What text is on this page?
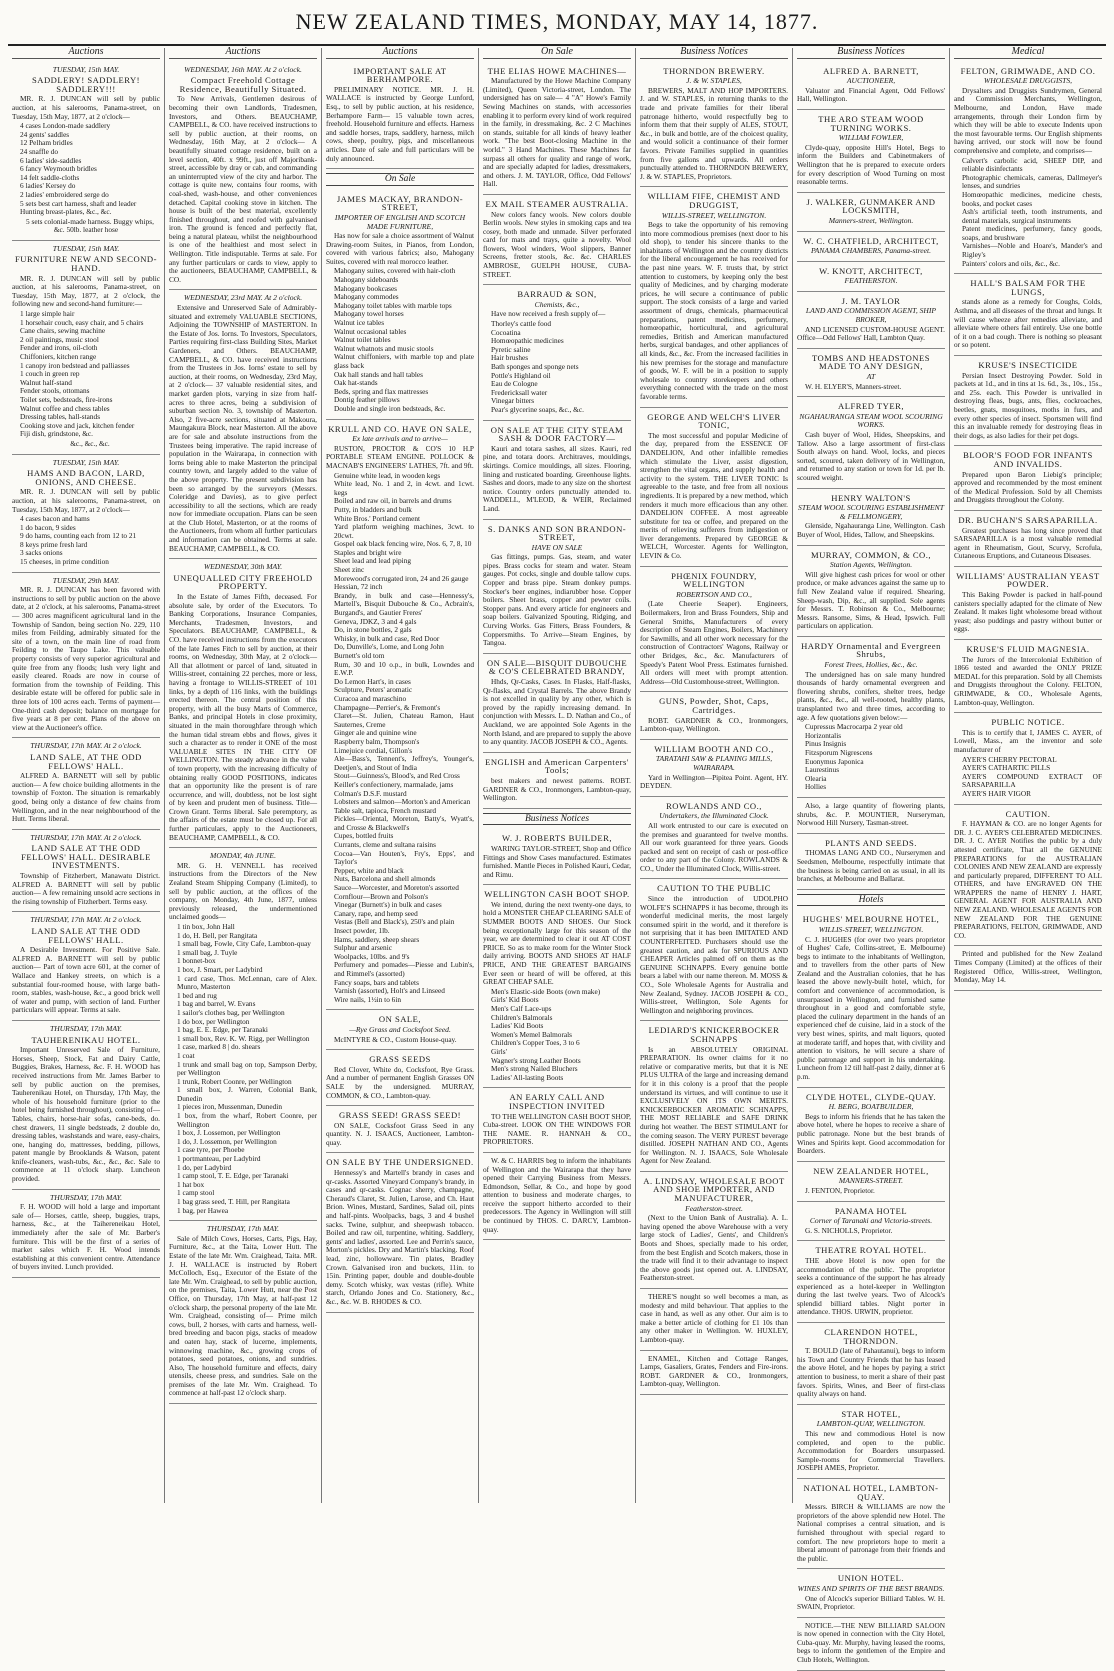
NEW ZEALAND TIMES, MONDAY, MAY 14, 1877.
Auctions
TUESDAY, 15th MAY.
SADDLERY! SADDLERY! SADDLERY!!!

MR. R. J. DUNCAN will sell by public auction, at his salerooms, Panama-street, on Tuesday, 15th May, 1877, at 2 o'clock—

4 cases London-made saddlery
24 gents' saddles
12 Pelham bridles
24 snaffle do
6 ladies' side-saddles
6 fancy Weymouth bridles
14 felt saddle-cloths
6 ladies' Kersey do
2 ladies' embroidered serge do
5 sets best cart harness, shaft and leader
Hunting breast-plates, &c., &c.

5 sets colonial-made harness. Buggy whips, &c. 50lb. leather hose

TUESDAY, 15th MAY.
FURNITURE NEW AND SECOND-HAND.

MR. R. J. DUNCAN will sell by public auction, at his salerooms, Panama-street, on Tuesday, 15th May, 1877, at 2 o'clock, the following new and second-hand furniture:—

1 large simple hair
1 horsehair couch, easy chair, and 5 chairs
Cane chairs, sewing machine
2 oil paintings, music stool
Fender and irons, oil-cloth
Chiffoniers, kitchen range
1 canopy iron bedstead and palliasses
1 couch in green rep
Walnut half-stand
Fender stools, ottomans
Toilet sets, bedsteads, fire-irons
Walnut coffee and chess tables
Dressing tables, hall-stands
Cooking stove and jack, kitchen fender
Fiji dish, grindstone, &c.

&c., &c., &c.

TUESDAY, 15th MAY.
HAMS AND BACON, LARD, ONIONS, AND CHEESE.

MR. R. J. DUNCAN will sell by public auction, at his salerooms, Panama-street, on Tuesday, 15th May, 1877, at 2 o'clock—

4 cases bacon and hams
1 do bacon, 9 sides
9 do hams, counting each from 12 to 21
8 keys prime fresh lard
3 sacks onions
15 cheeses, in prime condition
TUESDAY, 29th MAY.

MR. R. J. DUNCAN has been favored with instructions to sell by public auction on the above date, at 2 o'clock, at his salerooms, Panama-street— 300 acres magnificent agricultural land in the Township of Sandon, being section No. 229, 110 miles from Feilding, admirably situated for the site of a town, on the main line of road from Feilding to the Taupo Lake. This valuable property consists of very superior agricultural and quite free from any floods; lush very light and easily cleared. Roads are now in course of formation from the township of Feilding. This desirable estate will be offered for public sale in three lots of 100 acres each. Terms of payment—One-third cash deposit; balance on mortgage for five years at 8 per cent. Plans of the above on view at the Auctioneer's office.

THURSDAY, 17th MAY. At 2 o'clock.
LAND SALE, AT THE ODD FELLOWS' HALL.

ALFRED A. BARNETT will sell by public auction— A few choice building allotments in the township of Foxton. The situation is remarkably good, being only a distance of few chains from Wellington, and in the near neighbourhood of the Hutt. Terms liberal.

THURSDAY, 17th MAY. At 2 o'clock.
LAND SALE AT THE ODD FELLOWS' HALL. DESIRABLE INVESTMENTS.

Township of Fitzherbert, Manawatu District. ALFRED A. BARNETT will sell by public auction— A few remaining unsold acre sections in the rising township of Fitzherbert. Terms easy.

THURSDAY, 17th MAY. At 2 o'clock.
LAND SALE AT THE ODD FELLOWS' HALL.

A Desirable Investment. For Positive Sale. ALFRED A. BARNETT will sell by public auction— Part of town acre 601, at the corner of Wallace and Hankey streets, on which is a substantial four-roomed house, with large bath-room, stables, wash-house, &c., a good brick well of water and pump, with section of land. Further particulars will appear. Terms at sale.

THURSDAY, 17th MAY.
TAUHERENIKAU HOTEL.

Important Unreserved Sale of Furniture, Horses, Sheep, Stock, Fat and Dairy Cattle, Buggies, Brakes, Harness, &c. F. H. WOOD has received instructions from Mr. James Barber to sell by public auction on the premises, Tauherenikau Hotel, on Thursday, 17th May, the whole of his household furniture (prior to the hotel being furnished throughout), consisting of—Tables, chairs, horse-hair sofas, cane-beds, do. chest drawers, 11 single bedsteads, 2 double do, dressing tables, washstands and ware, easy-chairs, one, hanging do, mattresses, bedding, pillows, patent mangle by Brooklands & Watson, patent knife-cleaners, wash-tubs, &c., &c., &c. Sale to commence at 11 o'clock sharp. Luncheon provided.

THURSDAY, 17th MAY.

F. H. WOOD will hold a large and important sale of— Horses, cattle, sheep, buggies, traps, harness, &c., at the Taihereneikau Hotel, immediately after the sale of Mr. Barber's furniture. This will be the first of a series of market sales which F. H. Wood intends establishing at this convenient centre. Attendance of buyers invited. Lunch provided.

Auctions
WEDNESDAY, 16th MAY. At 2 o'clock.
Compact Freehold Cottage Residence, Beautifully Situated.

To New Arrivals, Gentlemen desirous of becoming their own Landlords, Tradesmen, Investors, and Others. BEAUCHAMP, CAMPBELL, & CO. have received instructions to sell by public auction, at their rooms, on Wednesday, 16th May, at 2 o'clock— A beautifully situated cottage residence, built on a level section, 40ft. x 99ft., just off Majoribank-street, accessible by dray or cab, and commanding an uninterrupted view of the city and harbor. The cottage is quite new, contains four rooms, with coal-shed, wash-house, and other conveniences detached. Capital cooking stove in kitchen. The house is built of the best material, excellently finished throughout, and roofed with galvanised iron. The ground is fenced and perfectly flat, being a natural plateau, whilst the neighbourhood is one of the healthiest and most select in Wellington. Title indisputable. Terms at sale. For any further particulars or cards to view, apply to the auctioneers, BEAUCHAMP, CAMPBELL, & CO.

WEDNESDAY, 23rd MAY. At 2 o'clock.

Extensive and Unreserved Sale of Admirably-situated and extremely VALUABLE SECTIONS, Adjoining the TOWNSHIP of MASTERTON. In the Estate of Jos. Iorns. To Investors, Speculators, Parties requiring first-class Building Sites, Market Gardeners, and Others. BEAUCHAMP, CAMPBELL, & CO. have received instructions from the Trustees in Jos. Iorns' estate to sell by auction, at their rooms, on Wednesday, 23rd May, at 2 o'clock— 37 valuable residential sites, and market garden plots, varying in size from half-acres to three acres, being a subdivision of suburban section No. 3, township of Masterton. Also, 2 five-acre sections, situated at Makoura, Maungakura Block, near Masterton. All the above are for sale and absolute instructions from the Trustees being imperative. The rapid increase of population in the Wairarapa, in connection with Iorns being able to make Masterton the principal country town, and largely added to the value of the above property. The present subdivision has been so arranged by the surveyors (Messrs. Coleridge and Davies), as to give perfect accessibility to all the sections, which are ready now for immediate occupation. Plans can be seen at the Club Hotel, Masterton, or at the rooms of the Auctioneers, from whom all further particulars and information can be obtained. Terms at sale. BEAUCHAMP, CAMPBELL, & CO.

WEDNESDAY, 30th MAY.
UNEQUALLED CITY FREEHOLD PROPERTY.

In the Estate of James Fifth, deceased. For absolute sale, by order of the Executors. To Banking Corporations, Insurance Companies, Merchants, Tradesmen, Investors, and Speculators. BEAUCHAMP, CAMPBELL, & CO. have received instructions from the executors of the late James Fitch to sell by auction, at their rooms, on Wednesday, 30th May, at 2 o'clock— All that allotment or parcel of land, situated in Willis-street, containing 22 perches, more or less, having a frontage to WILLIS-STREET of 101 links, by a depth of 116 links, with the buildings erected thereon. The central position of this property, with all the busy Marts of Commerce, Banks, and principal Hotels in close proximity, situated in the main thoroughfare through which the human tidal stream ebbs and flows, gives it such a character as to render it ONE of the most VALUABLE SITES IN THE CITY OF WELLINGTON. The steady advance in the value of town property, with the increasing difficulty of obtaining really GOOD POSITIONS, indicates that an opportunity like the present is of rare occurrence, and will, doubtless, not be lost sight of by keen and prudent men of business. Title—Crown Grant. Terms liberal. Sale peremptory, as the affairs of the estate must be closed up. For all further particulars, apply to the Auctioneers, BEAUCHAMP, CAMPBELL, & CO.

MONDAY, 4th JUNE.

MR. G. H. VENNELL has received instructions from the Directors of the New Zealand Steam Shipping Company (Limited), to sell by public auction, at the offices of the company, on Monday, 4th June, 1877, unless previously released, the undermentioned unclaimed goods—

1 tin box, John Hall
1 do, H. Bell, per Rangitata
1 small bag, Fowle, City Cafe, Lambton-quay
1 small bag, J. Tuyle
1 bonnet-box
1 box, J. Smart, per Ladybird
1 card case, Thos. McLennan, care of Alex. Munro, Masterton
1 bed and rug
1 bag and barrel, W. Evans
1 sailor's clothes bag, per Wellington
1 do box, per Wellington
1 bag, E. E. Edge, per Taranaki
1 small box, Rev. K. W. Rigg, per Wellington
1 case, marked 8 | do. shears
1 coat
1 trunk and small bag on top, Sampson Derby, per Wellington
1 trunk, Robert Coonre, per Wellington
1 small box, J. Warren, Colonial Bank, Dunedin
1 pieces iron, Mussenman, Dunedin
1 box, from the wharf, Robert Coonre, per Wellington
1 box, J. Lossemon, per Wellington
1 do, J. Lossemon, per Wellington
1 case tyre, per Phoebe
1 portmanteau, per Ladybird
1 do, per Ladybird
1 camp stool, T. E. Edge, per Taranaki
1 hat box
1 camp stool
1 bag grass seed, T. Hill, per Rangitata
1 bag, per Hawea
THURSDAY, 17th MAY.

Sale of Milch Cows, Horses, Carts, Pigs, Hay, Furniture, &c., at the Taita, Lower Hutt. The Estate of the late Mr. Wm. Craighead, Taita. MR. J. H. WALLACE is instructed by Robert McColloch, Esq., Executor of the Estate of the late Mr. Wm. Craighead, to sell by public auction, on the premises, Taita, Lower Hutt, near the Post Office, on Thursday, 17th May, at half-past 12 o'clock sharp, the personal property of the late Mr. Wm. Craighead, consisting of— Prime milch cows, bull, 2 horses, with carts and harness, well-bred breeding and bacon pigs, stacks of meadow and oaten hay, stack of lucerne, implements, winnowing machine, &c., growing crops of potatoes, seed potatoes, onions, and sundries. Also, The household furniture and effects, dairy utensils, cheese press, and sundries. Sale on the premises of the late Mr. Wm. Craighead. To commence at half-past 12 o'clock sharp.

Auctions
IMPORTANT SALE AT BERHAMPORE.

PRELIMINARY NOTICE. MR. J. H. WALLACE is instructed by George Lunford, Esq., to sell by public auction, at his residence, Berhampore Farm— 15 valuable town acres, freehold. Household furniture and effects. Harness and saddle horses, traps, saddlery, harness, milch cows, sheep, poultry, pigs, and miscellaneous articles. Date of sale and full particulars will be duly announced.

On Sale
JAMES MACKAY, BRANDON-STREET,
IMPORTER OF ENGLISH AND SCOTCH MADE FURNITURE,

Has now for sale a choice assortment of Walnut Drawing-room Suites, in Pianos, from London, covered with various fabrics; also, Mahogany Suites, covered with real morocco leather.

Mahogany suites, covered with hair-cloth
Mahogany sideboards
Mahogany bookcases
Mahogany commodes
Mahogany toilet tables with marble tops
Mahogany towel horses
Walnut ice tables
Walnut occasional tables
Walnut toilet tables
Walnut whatnots and music stools
Walnut chiffoniers, with marble top and plate glass back
Oak hall stands and hall tables
Oak hat-stands
Beds, spring and flax mattresses
Dontig feather pillows
Double and single iron bedsteads, &c.
KRULL AND CO. HAVE ON SALE,
Ex late arrivals and to arrive—

RUSTON, PROCTOR & CO'S 10 H.P PORTABLE STEAM ENGINE. POLLOCK & MACNAB'S ENGINEERS' LATHES, 7ft. and 9ft.

Genuine white lead, in wooden kegs
White lead, No. 1 and 2, in 4cwt. and 1cwt. kegs
Boiled and raw oil, in barrels and drums
Putty, in bladders and bulk
White Bros.' Portland cement
Yard platform weighing machines, 3cwt. to 20cwt.
Gospel oak black fencing wire, Nos. 6, 7, 8, 10
Staples and bright wire
Sheet lead and lead piping
Sheet zinc
Morewood's corrugated iron, 24 and 26 gauge
Hessian, 72 inch
Brandy, in bulk and case—Hennessy's, Martell's, Bisquit Dubouche & Co., Acbrain's, Burgand's, and Gautier Freres'
Geneva, JDKZ, 3 and 4 gals
Do, in stone bottles, 2 gals
Whisky, in bulk and case, Red Door
Do, Dunville's, Lome, and Long John
Burnett's old tom
Rum, 30 and 10 o.p., in bulk, Lowndes and E.W.P.
Do Lemon Hart's, in cases
Sculpture, Peters' aromatic
Curacoa and maraschino
Champagne—Perrier's, & Fremont's
Claret—St. Julien, Chateau Ramon, Haut Sauternes, Creme
Ginger ale and quinine wine
Raspberry balm, Thompson's
Limejuice cordial, Gillon's
Ale—Bass's, Tennent's, Jeffrey's, Younger's, Deetjen's, and Stout of India
Stout—Guinness's, Blood's, and Red Cross
Keiller's confectionery, marmalade, jams
Colman's D.S.F. mustard
Lobsters and salmon—Morton's and American
Table salt, tapioca, French mustard
Pickles—Oriental, Moreton, Batty's, Wyatt's, and Crosse & Blackwell's
Cupes, bottled fruits
Currants, cleme and sultana raisins
Cocoa—Van Houten's, Fry's, Epps', and Taylor's
Pepper, white and black
Nuts, Barcelona and shell almonds
Sauce—Worcester, and Moreton's assorted
Cornflour—Brown and Polson's
Vinegar (Burnett's) in bulk and cases
Canary, rape, and hemp seed
Vestas (Bell and Black's), 250's and plain
Insect powder, 1lb.
Hams, saddlery, sheep shears
Sulphur and arsenic
Woolpacks, 10lbs. and 9's
Perfumery and pomades—Piesse and Lubin's, and Rimmel's (assorted)
Fancy soaps, bars and tablets
Varnish (assorted), Holt's and Linseed
Wire nails, 1½in to 6in
ON SALE,
—Rye Grass and Cocksfoot Seed.

McINTYRE & CO., Custom House-quay.

GRASS SEEDS

Red Clover, White do, Cocksfoot, Rye Grass. And a number of permanent English Grasses ON SALE by the undersigned. MURRAY, COMMON, & CO., Lambton-quay.

GRASS SEED! GRASS SEED!

ON SALE, Cocksfoot Grass Seed in any quantity. N. J. ISAACS, Auctioneer, Lambton-quay.

ON SALE BY THE UNDERSIGNED.

Hennessy's and Martell's brandy in cases and qr-casks. Assorted Vineyard Company's brandy, in cases and qr-casks. Cognac sherry, champagne, Cheraud's Claret, St. Julien, Larose, and Ch. Haut Brion. Wines, Mustard, Sardines, Salad oil, pints and half-pints. Woolpacks, bags, 3 and 4 bushel sacks. Twine, sulphur, and sheepwash tobacco. Boiled and raw oil, turpentine, whiting. Saddlery, gents' and ladies', assorted. Lee and Perrin's sauce, Morton's pickles. Dry and Martin's blacking. Roof lead, zinc, hollowware. Tin plates, Bradley Crown. Galvanised iron and buckets, 11in. to 15in. Printing paper, double and double-double demy. Scotch whisky, wax vestas (rifle). White starch, Orlando Jones and Co. Stationery, &c., &c., &c. W. B. RHODES & CO.

On Sale
THE ELIAS HOWE MACHINES—

Manufactured by the Howe Machine Company (Limited), Queen Victoria-street, London. The undersigned has on sale— 4 "A" Howe's Family Sewing Machines on stands, with accessories enabling it to perform every kind of work required in the family, in dressmaking, &c. 2 C Machines on stands, suitable for all kinds of heavy leather work. "The best Boot-closing Machine in the world." 3 Hand Machines. These Machines far surpass all others for quality and range of work, and are specially adapted for ladies, dressmakers, and others. J. M. TAYLOR, Office, Odd Fellows' Hall.

EX MAIL STEAMER AUSTRALIA.

New colors fancy wools. New colors double Berlin wools. New styles in smoking caps and tea cosey, both made and unmade. Silver perforated card for mats and trays, quite a novelty. Wool flowers, Wool winders, Wool slippers, Banner Screens, fretter stools, &c. &c. CHARLES AMBROSE, GUELPH HOUSE, CUBA-STREET.

BARRAUD & SON,
Chemists, &c.,

Have now received a fresh supply of—

Thorley's cattle food
Cocoatina
Homœopathic medicines
Pyretic saline
Hair brushes
Bath sponges and sponge nets
Pottle's Highland oil
Eau de Cologne
Fredericksall water
Vinegar bitters
Pear's glycerine soaps, &c., &c.
ON SALE AT THE CITY STEAM SASH & DOOR FACTORY—

Kauri and totara sashes, all sizes. Kauri, red pine, and totara doors. Architraves, mouldings, skirtings. Cornice mouldings, all sizes. Flooring, lining and rusticated boarding. Greenhouse lights. Sashes and doors, made to any size on the shortest notice. Country orders punctually attended to. WADDELL, M'LEOD, & WEIR, Reclaimed Land.

S. DANKS AND SON BRANDON-STREET,
HAVE ON SALE

Gas fittings, pumps. Gas, steam, and water pipes. Brass cocks for steam and water. Steam gauges. Pot cocks, single and double tallow cups. Copper and brass pipe. Steam donkey pumps. Stocker's beer engines, indiarubber hose. Copper boilers. Sheet brass, copper and pewter coils. Stopper pans. And every article for engineers and soap boilers. Galvanized Spouting, Ridging, and Curving Works. Gas Fitters, Brass Founders, & Coppersmiths. To Arrive—Steam Engines, by Tangoa.

ON SALE—BISQUIT DUBOUCHE & CO'S CELEBRATED BRANDY,

Hhds, Qr-Casks, Cases. In Flasks, Half-flasks, Qr-flasks, and Crystal Barrels. The above Brandy is not excelled in quality by any other, which is proved by the rapidly increasing demand. In conjunction with Messrs. L. D. Nathan and Co., of Auckland, we are appointed Sole Agents in the North Island, and are prepared to supply the above to any quantity. JACOB JOSEPH & CO., Agents.

ENGLISH and American Carpenters' Tools;

best makers and newest patterns. ROBT. GARDNER & CO., Ironmongers, Lambton-quay, Wellington.

Business Notices
W. J. ROBERTS BUILDER,

WARING TAYLOR-STREET, Shop and Office Fittings and Show Cases manufactured. Estimates furnished. Mantle Pieces in Polished Kauri, Cedar, and Rimu.

WELLINGTON CASH BOOT SHOP.

We intend, during the next twenty-one days, to hold a MONSTER CHEAP CLEARING SALE of SUMMER BOOTS AND SHOES. Our Stock being exceptionally large for this season of the year, we are determined to clear it out AT COST PRICE. So as to make room for the Winter Stock daily arriving. BOOTS AND SHOES AT HALF PRICE, AND THE GREATEST BARGAINS Ever seen or heard of will be offered, at this GREAT CHEAP SALE.

Men's Elastic-side Boots (own make)
Girls' Kid Boots
Men's Calf Lace-ups
Children's Balmorals
Ladies' Kid Boots
Women's Memel Balmorals
Children's Copper Toes, 3 to 6
Girls'
Wagner's strong Leather Boots
Men's strong Nailed Bluchers
Ladies' All-lasting Boots
AN EARLY CALL AND INSPECTION INVITED

TO THE WELLINGTON CASH BOOT SHOP, Cuba-street. LOOK ON THE WINDOWS FOR THE NAME. R. HANNAH & CO., PROPRIETORS.

W. & C. HARRIS beg to inform the inhabitants of Wellington and the Wairarapa that they have opened their Carrying Business from Messrs. Edmondson, Sellar, & Co., and hope by good attention to business and moderate charges, to receive the support hitherto accorded to their predecessors. The Agency in Wellington will still be continued by THOS. C. DARCY, Lambton-quay.

Business Notices
THORNDON BREWERY.
J. & W. STAPLES,

BREWERS, MALT AND HOP IMPORTERS. J. and W. STAPLES, in returning thanks to the trade and private families for their liberal patronage hitherto, would respectfully beg to inform them that their supply of ALES, STOUT, &c., in bulk and bottle, are of the choicest quality, and would solicit a continuance of their former favors. Private Families supplied in quantities from five gallons and upwards. All orders punctually attended to. THORNDON BREWERY, J. & W. STAPLES, Proprietors.

WILLIAM FIFE, CHEMIST AND DRUGGIST,
WILLIS-STREET, WELLINGTON.

Begs to take the opportunity of his removing into more commodious premises (next door to his old shop), to tender his sincere thanks to the inhabitants of Wellington and the country districts for the liberal encouragement he has received for the past nine years. W. F. trusts that, by strict attention to customers, by keeping only the best quality of Medicines, and by charging moderate prices, he will secure a continuance of public support. The stock consists of a large and varied assortment of drugs, chemicals, pharmaceutical preparations, patent medicines, perfumery, homœopathic, horticultural, and agricultural remedies, British and American manufactured herbs, surgical bandages, and other appliances of all kinds, &c., &c. From the increased facilities in his new premises for the storage and manufacture of goods, W. F. will be in a position to supply wholesale to country storekeepers and others everything connected with the trade on the most favorable terms.

GEORGE AND WELCH'S LIVER TONIC,

The most successful and popular Medicine of the day, prepared from the ESSENCE OF DANDELION, And other infallible remedies which stimulate the Liver, assist digestion, strengthen the vital organs, and supply health and activity to the system. THE LIVER TONIC Is agreeable to the taste, and free from all noxious ingredients. It is prepared by a new method, which renders it much more efficacious than any other. DANDELION COFFEE. A most agreeable substitute for tea or coffee, and prepared on the merits of relieving sufferers from indigestion or liver derangements. Prepared by GEORGE & WELCH, Worcester. Agents for Wellington, LEVIN & Co.

PHŒNIX FOUNDRY, WELLINGTON
ROBERTSON AND CO.,

(Late Cheerie Seaper). Engineers, Boilermakers, Iron and Brass Founders, Ship and General Smiths, Manufacturers of every description of Steam Engines, Boilers, Machinery for Sawmills, and all other work necessary for the construction of Contractors' Wagons, Railway or other Bridges, &c., &c. Manufacturers of Speedy's Patent Wool Press. Estimates furnished. All orders will meet with prompt attention. Address—Old Customhouse-street, Wellington.

GUNS, Powder, Shot, Caps, Cartridges.

ROBT. GARDNER & CO., Ironmongers, Lambton-quay, Wellington.

WILLIAM BOOTH AND CO.,
TARATAHI SAW & PLANING MILLS, WAIRARAPA.

Yard in Wellington—Pipitea Point. Agent, HY. DEYDEN.

ROWLANDS AND CO.,
Undertakers, the Illuminated Clock.

All work entrusted to our care is executed on the premises and guaranteed for twelve months. All our work guaranteed for three years. Goods packed and sent on receipt of cash or post-office order to any part of the Colony. ROWLANDS & CO., Under the Illuminated Clock, Willis-street.

CAUTION TO THE PUBLIC

Since the introduction of UDOLPHO WOLFE'S SCHNAPPS it has become, through its wonderful medicinal merits, the most largely consumed spirit in the world, and it therefore is not surprising that it has been IMITATED AND COUNTERFEITED. Purchasers should use the greatest caution, and ask for SPURIOUS AND CHEAPER Articles palmed off on them as the GENUINE SCHNAPPS. Every genuine bottle bears a label with our name thereon. M. MOSS & CO., Sole Wholesale Agents for Australia and New Zealand, Sydney. JACOB JOSEPH & CO., Willis-street, Wellington, Sole Agents for Wellington and neighboring provinces.

LEDIARD'S KNICKERBOCKER SCHNAPPS

Is an ABSOLUTELY ORIGINAL PREPARATION. Its owner claims for it no relative or comparative merits, but that it is NE PLUS ULTRA of the large and increasing demand for it in this colony is a proof that the people understand its virtues, and will continue to use it EXCLUSIVELY ON ITS OWN MERITS. KNICKERBOCKER AROMATIC SCHNAPPS, THE MOST RELIABLE and SAFE DRINK during hot weather. The BEST STIMULANT for the coming season. The VERY PUREST beverage distilled. JOSEPH NATHAN AND CO., Agents for Wellington. N. J. ISAACS, Sole Wholesale Agent for New Zealand.

A. LINDSAY, WHOLESALE BOOT AND SHOE IMPORTER, AND MANUFACTURER,
Featherston-street.

(Next to the Union Bank of Australia). A. L. having opened the above Warehouse with a very large stock of Ladies', Gents', and Children's Boots and Shoes, specially made to his order, from the best English and Scotch makers, those in the trade will find it to their advantage to inspect the above goods just opened out. A. LINDSAY, Featherston-street.

THERE'S nought so well becomes a man, as modesty and mild behaviour. That applies to the case in hand, as well as any other. Our aim is to make a better article of clothing for £1 10s than any other maker in Wellington. W. HUXLEY, Lambton-quay.

ENAMEL, Kitchen and Cottage Ranges, Lamps, Gasaliers, Grates, Fenders and Fire-irons. ROBT. GARDNER & CO., Ironmongers, Lambton-quay, Wellington.

Business Notices
ALFRED A. BARNETT,
AUCTIONEER,

Valuator and Financial Agent, Odd Fellows' Hall, Wellington.

THE ARO STEAM WOOD TURNING WORKS.
WILLIAM FOWLER,

Clyde-quay, opposite Hill's Hotel, Begs to inform the Builders and Cabinetmakers of Wellington that he is prepared to execute orders for every description of Wood Turning on most reasonable terms.

J. WALKER, GUNMAKER AND LOCKSMITH,
Manners-street, Wellington.
W. C. CHATFIELD, ARCHITECT,
PANAMA CHAMBERS, Panama-street.
W. KNOTT, ARCHITECT,
FEATHERSTON.
J. M. TAYLOR
LAND AND COMMISSION AGENT, SHIP BROKER,

AND LICENSED CUSTOM-HOUSE AGENT. Office—Odd Fellows' Hall, Lambton Quay.

TOMBS AND HEADSTONES MADE TO ANY DESIGN,
AT

W. H. ELYER'S, Manners-street.

ALFRED TYER,
NGAHAURANGA STEAM WOOL SCOURING WORKS.

Cash buyer of Wool, Hides, Sheepskins, and Tallow. Also a large assortment of first-class South always on hand. Wool, locks, and pieces sorted, scoured, taken delivery of in Wellington, and returned to any station or town for 1d. per lb. scoured weight.

HENRY WALTON'S
STEAM WOOL SCOURING ESTABLISHMENT & FELLMONGERY,

Glenside, Ngahauranga Line, Wellington. Cash Buyer of Wool, Hides, Tallow, and Sheepskins.

MURRAY, COMMON, & CO.,
Station Agents, Wellington.

Will give highest cash prices for wool or other produce, or make advances against the same up to full New Zealand value if required. Shearing, Sheep-wash, Dip, &c., all supplied. Sole agents for Messrs. T. Robinson & Co., Melbourne; Messrs. Ransome, Sims, & Head, Ipswich. Full particulars on application.

HARDY Ornamental and Evergreen Shrubs,
Forest Trees, Hollies, &c., &c.

The undersigned has on sale many hundred thousands of hardy ornamental evergreen and flowering shrubs, conifers, shelter trees, hedge plants, &c., &c., all well-rooted, healthy plants, transplanted two and three times, according to age. A few quotations given below:—

Cupressus Macrocarpa 2 year old
Horizontalis
Pinus Insignis
Fitzsporum Nigrescens
Euonymus Japonica
Laurestinus
Olearia
Hollies

Also, a large quantity of flowering plants, shrubs, &c. P. MOUNTIER, Nurseryman, Norwood Hill Nursery, Tasman-street.

PLANTS AND SEEDS.

THOMAS LANG AND CO., Nurserymen and Seedsmen, Melbourne, respectfully intimate that the business is being carried on as usual, in all its branches, at Melbourne and Ballarat.

Hotels
HUGHES' MELBOURNE HOTEL,
WILLIS-STREET, WELLINGTON.

C. J. HUGHES (for over two years proprietor of Hughes' Cafe, Collins-street, E. Melbourne) begs to intimate to the inhabitants of Wellington, and to travellers from the other parts of New Zealand and the Australian colonies, that he has leased the above newly-built hotel, which, for comfort and convenience of accommodation, is unsurpassed in Wellington, and furnished same throughout in a good and comfortable style, placed the culinary department in the hands of an experienced chef de cuisine, laid in a stock of the very best wines, spirits, and malt liquors, quoted at moderate tariff, and hopes that, with civility and attention to visitors, he will secure a share of public patronage and support in his undertaking. Luncheon from 12 till half-past 2 daily, dinner at 6 p.m.

CLYDE HOTEL, CLYDE-QUAY.
H. BERG, BOATBUILDER,

Begs to inform his friends that he has taken the above hotel, where he hopes to receive a share of public patronage. None but the best brands of Wines and Spirits kept. Good accommodation for Boarders.

NEW ZEALANDER HOTEL,
MANNERS-STREET.

J. FENTON, Proprietor.

PANAMA HOTEL
Corner of Taranaki and Victoria-streets.

G. S. NICHOLLS, Proprietor.

THEATRE ROYAL HOTEL.

THE above Hotel is now open for the accommodation of the public. The proprietor seeks a continuance of the support he has already experienced as a hotel-keeper in Wellington during the last twelve years. Two of Alcock's splendid billiard tables. Night porter in attendance. THOS. URWIN, proprietor.

CLARENDON HOTEL, THORNDON.

T. BOULD (late of Pahautanui), begs to inform his Town and Country Friends that he has leased the above Hotel, and he hopes by paying a strict attention to business, to merit a share of their past favors. Spirits, Wines, and Beer of first-class quality always on hand.

STAR HOTEL,
LAMBTON-QUAY, WELLINGTON.

This new and commodious Hotel is now completed, and open to the public. Accommodation for Boarders unsurpassed. Sample-rooms for Commercial Travellers. JOSEPH AMES, Proprietor.

NATIONAL HOTEL, LAMBTON-QUAY.

Messrs. BIRCH & WILLIAMS are now the proprietors of the above splendid new Hotel. The National comprises a central situation, and is furnished throughout with special regard to comfort. The new proprietors hope to merit a liberal amount of patronage from their friends and the public.

UNION HOTEL.
WINES AND SPIRITS OF THE BEST BRANDS.

One of Alcock's superior Billiard Tables. W. H. SWAIN, Proprietor.

NOTICE.—THE NEW BILLIARD SALOON is now opened in connection with the City Hotel, Cuba-quay. Mr. Murphy, having leased the rooms, begs to inform the gentlemen of the Empire and Club Hotels, Wellington.

Medical
FELTON, GRIMWADE, AND CO.
WHOLESALE DRUGGISTS,

Drysalters and Druggists Sundrymen, General and Commission Merchants, Wellington, Melbourne, and London, Have made arrangements, through their London firm by which they will be able to execute Indents upon the most favourable terms. Our English shipments having arrived, our stock will now be found comprehensive and complete, and comprises—

Calvert's carbolic acid, SHEEP DIP, and reliable disinfectants
Photographic chemicals, cameras, Dallmeyer's lenses, and sundries
Homœopathic medicines, medicine chests, books, and pocket cases
Ash's artificial teeth, tooth instruments, and dental materials, surgical instruments
Patent medicines, perfumery, fancy goods, soaps, and brushware
Varnishes—Noble and Hoare's, Mander's and Rigley's
Painters' colors and oils, &c., &c.
HALL'S BALSAM FOR THE LUNGS,

stands alone as a remedy for Coughs, Colds, Asthma, and all diseases of the throat and lungs. It will cause wheeze after remedies alleviate, and alleviate where others fail entirely. Use one bottle of it on a bad cough. There is nothing so pleasant or so potent.

KRUSE'S INSECTICIDE

Persian Insect Destroying Powder. Sold in packets at 1d., and in tins at 1s. 6d., 3s., 10s., 15s., and 25s. each. This Powder is unrivalled in destroying fleas, bugs, ants, flies, cockroaches, beetles, gnats, mosquitoes, moths in furs, and every other species of insect. Sportsmen will find this an invaluable remedy for destroying fleas in their dogs, as also ladies for their pet dogs.

BLOOR'S FOOD FOR INFANTS AND INVALIDS.

Prepared upon Baron Liebig's principle; approved and recommended by the most eminent of the Medical Profession. Sold by all Chemists and Druggists throughout the Colony.

DR. BUCHAN'S SARSAPARILLA.

Greatest purchases has long since proved that SARSAPARILLA is a most valuable remedial agent in Rheumatism, Gout, Scurvy, Scrofula, Cutaneous Eruptions, and Cutaneous Diseases.

WILLIAMS' AUSTRALIAN YEAST POWDER.

This Baking Powder is packed in half-pound canisters specially adapted for the climate of New Zealand. It makes light wholesome bread without yeast; also puddings and pastry without butter or eggs.

KRUSE'S FLUID MAGNESIA.

The Jurors of the Intercolonial Exhibition of 1866 tested and awarded the ONLY PRIZE MEDAL for this preparation. Sold by all Chemists and Druggists throughout the Colony. FELTON, GRIMWADE, & CO., Wholesale Agents, Lambton-quay, Wellington.

PUBLIC NOTICE.

This is to certify that I, JAMES C. AYER, of Lowell, Mass., am the inventor and sole manufacturer of

AYER'S CHERRY PECTORAL
AYER'S CATHARTIC PILLS
AYER'S COMPOUND EXTRACT OF SARSAPARILLA
AYER'S HAIR VIGOR
CAUTION.

F. HAYMAN & CO. are no longer Agents for DR. J. C. AYER'S CELEBRATED MEDICINES. DR. J. C. AYER Notifies the public by a duly attested certificate, That all the GENUINE PREPARATIONS for the AUSTRALIAN COLONIES AND NEW ZEALAND are expressly and particularly prepared, DIFFERENT TO ALL OTHERS, and have ENGRAVED ON THE WRAPPERS the name of HENRY J. HART, GENERAL AGENT FOR AUSTRALIA AND NEW ZEALAND. WHOLESALE AGENTS FOR NEW ZEALAND FOR THE GENUINE PREPARATIONS, FELTON, GRIMWADE, AND CO.

Printed and published for the New Zealand Times Company (Limited) at the offices of their Registered Office, Willis-street, Wellington, Monday, May 14.
